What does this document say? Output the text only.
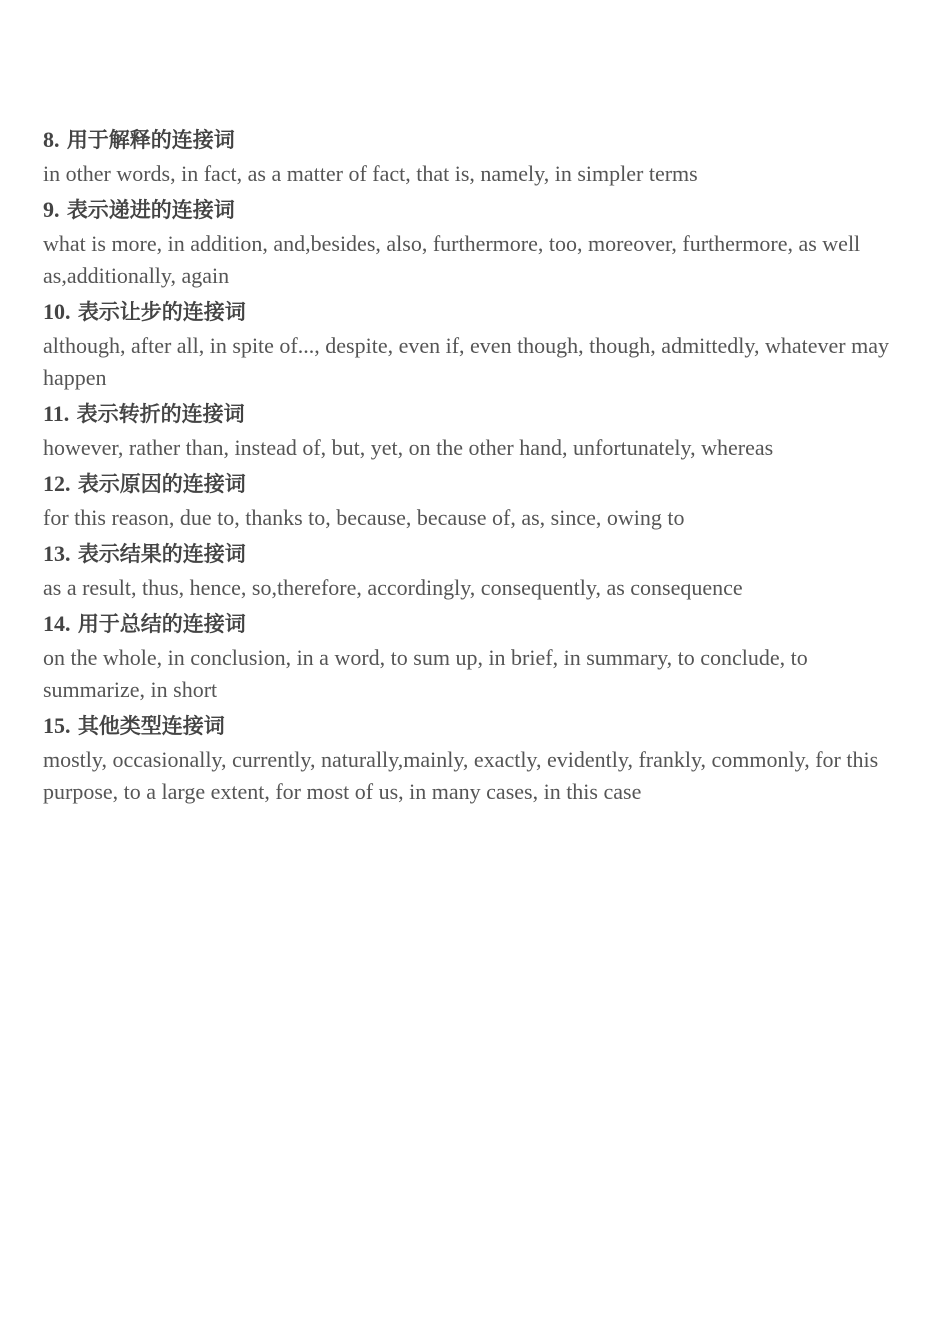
8. 用于解释的连接词

in other words, in fact, as a matter of fact, that is, namely, in simpler terms

9. 表示递进的连接词

what is more, in addition, and,besides, also, furthermore, too, moreover, furthermore, as well as,additionally, again

10. 表示让步的连接词

although, after all, in spite of..., despite, even if, even though, though, admittedly, whatever may happen

11. 表示转折的连接词

however, rather than, instead of, but, yet, on the other hand, unfortunately, whereas

12. 表示原因的连接词

for this reason, due to, thanks to, because, because of, as, since, owing to

13. 表示结果的连接词

as a result, thus, hence, so,therefore, accordingly, consequently, as consequence

14. 用于总结的连接词

on the whole, in conclusion, in a word, to sum up, in brief, in summary, to conclude, to summarize, in short

15. 其他类型连接词

mostly, occasionally, currently, naturally,mainly, exactly, evidently, frankly, commonly, for this purpose, to a large extent, for most of us, in many cases, in this case
